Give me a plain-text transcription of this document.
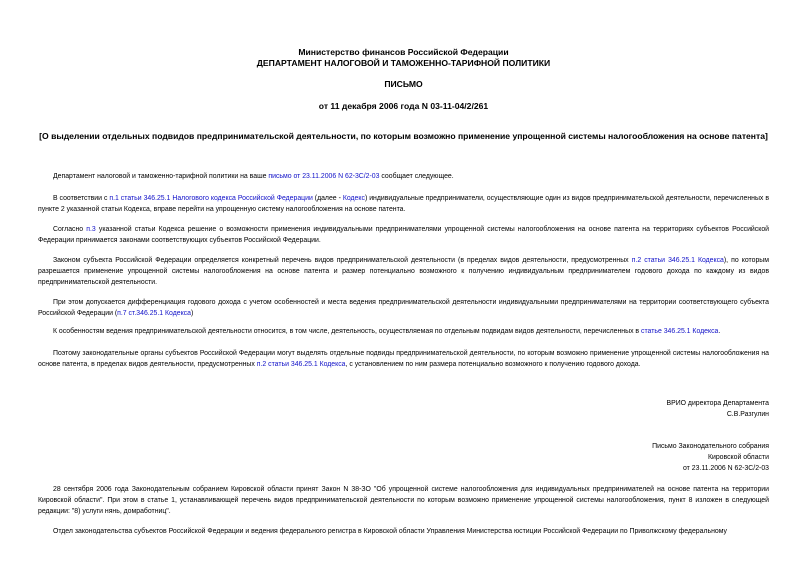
Министерство финансов Российской Федерации
ДЕПАРТАМЕНТ НАЛОГОВОЙ И ТАМОЖЕННО-ТАРИФНОЙ ПОЛИТИКИ
ПИСЬМО
от 11 декабря 2006 года N 03-11-04/2/261
[О выделении отдельных подвидов предпринимательской деятельности, по которым возможно применение упрощенной системы налогообложения на основе патента]
Департамент налоговой и таможенно-тарифной политики на ваше письмо от 23.11.2006 N 62-3С/2-03 сообщает следующее.
В соответствии с п.1 статьи 346.25.1 Налогового кодекса Российской Федерации (далее - Кодекс) индивидуальные предприниматели, осуществляющие один из видов предпринимательской деятельности, перечисленных в пункте 2 указанной статьи Кодекса, вправе перейти на упрощенную систему налогообложения на основе патента.
Согласно п.3 указанной статьи Кодекса решение о возможности применения индивидуальными предпринимателями упрощенной системы налогообложения на основе патента на территориях субъектов Российской Федерации принимается законами соответствующих субъектов Российской Федерации.
Законом субъекта Российской Федерации определяется конкретный перечень видов предпринимательской деятельности (в пределах видов деятельности, предусмотренных п.2 статьи 346.25.1 Кодекса), по которым разрешается применение упрощенной системы налогообложения на основе патента и размер потенциально возможного к получению индивидуальным предпринимателем годового дохода по каждому из видов предпринимательской деятельности.
При этом допускается дифференциация годового дохода с учетом особенностей и места ведения предпринимательской деятельности индивидуальными предпринимателями на территории соответствующего субъекта Российской Федерации (п.7 ст.346.25.1 Кодекса)
К особенностям ведения предпринимательской деятельности относится, в том числе, деятельность, осуществляемая по отдельным подвидам видов деятельности, перечисленных в статье 346.25.1 Кодекса.
Поэтому законодательные органы субъектов Российской Федерации могут выделять отдельные подвиды предпринимательской деятельности, по которым возможно применение упрощенной системы налогообложения на основе патента, в пределах видов деятельности, предусмотренных п.2 статьи 346.25.1 Кодекса, с установлением по ним размера потенциально возможного к получению годового дохода.
ВРИО директора Департамента
С.В.Разгулин
Письмо Законодательного собрания
Кировской области
от 23.11.2006 N 62-3С/2-03
28 сентября 2006 года Законодательным собранием Кировской области принят Закон N 38-ЗО "Об упрощенной системе налогообложения для индивидуальных предпринимателей на основе патента на территории Кировской области". При этом в статье 1, устанавливающей перечень видов предпринимательской деятельности по которым возможно применение упрощенной системы налогообложения, пункт 8 изложен в следующей редакции: "8) услуги нянь, домработниц".
Отдел законодательства субъектов Российской Федерации и ведения федерального регистра в Кировской области Управления Министерства юстиции Российской Федерации по Приволжскому федеральному
